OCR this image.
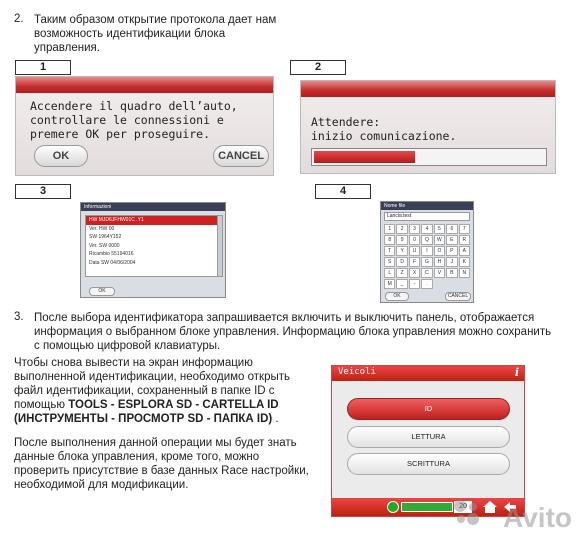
2. Таким образом открытие протокола дает нам возможность идентификации блока управления.
1
Accendere il quadro dell’auto,
controllare le connessioni e
premere OK per proseguire.
OK	CANCEL
2
Attendere:
inizio comunicazione.
3
Informazioni
HW MJD6JFHW01C .Y1
Ver. HW 00
SW 1964Y152
Ver. SW 0000
Ricambio 55194016
Data SW 04/06/2004
OK
4
Nome file
Lancia.test
1	2	3	4	5	6	7
8	9	0	Q	W	E	R
T	Y	U	I	O	P	A
S	D	F	G	H	J	K
L	Z	X	C	V	B	N
M	_	-	.
OK	CANCEL
3. После выбора идентификатора запрашивается включить и выключить панель, отображается информация о выбранном блоке управления. Информацию блока управления можно сохранить с помощью цифровой клавиатуры.
Чтобы снова вывести на экран информацию
выполненной идентификации, необходимо открыть
файл идентификации, сохраненный в папке ID с
помощью TOOLS - ESPLORA SD - CARTELLA ID
(ИНСТРУМЕНТЫ - ПРОСМОТР SD - ПАПКА ID) .
После выполнения данной операции мы будет знать
данные блока управления, кроме того, можно
проверить присутствие в базе данных Race настройки,
необходимой для модификации.
Veicoli	i
ID
LETTURA
SCRITTURA
Avito
